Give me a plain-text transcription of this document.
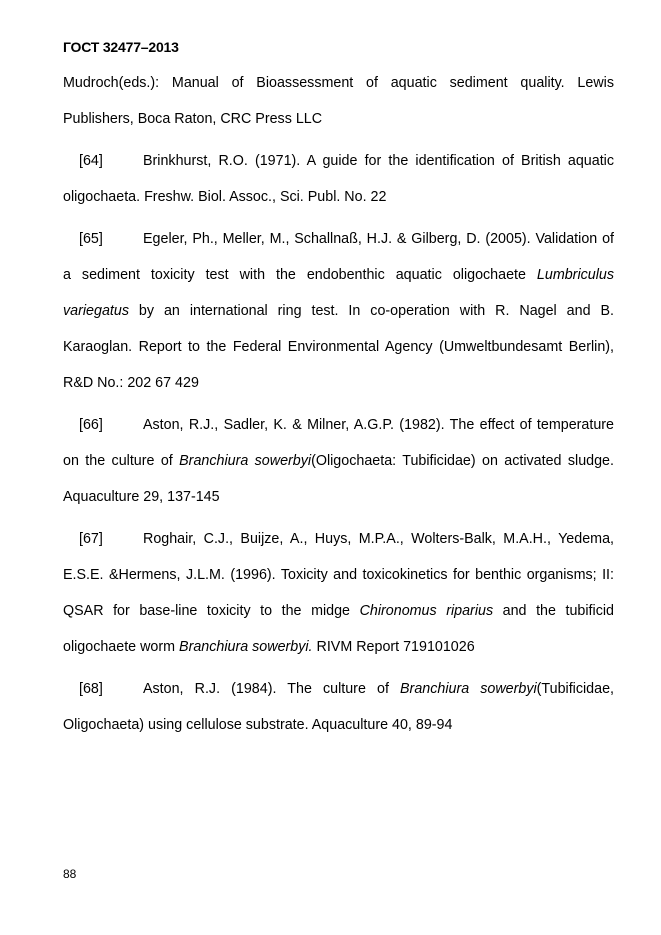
ГОСТ 32477–2013

Mudroch(eds.): Manual of Bioassessment of aquatic sediment quality. Lewis Publishers, Boca Raton, CRC Press LLC

[64]	Brinkhurst, R.O. (1971). A guide for the identification of British aquatic oligochaeta. Freshw. Biol. Assoc., Sci. Publ. No. 22

[65]	Egeler, Ph., Meller, M., Schallnaß, H.J. & Gilberg, D. (2005). Validation of a sediment toxicity test with the endobenthic aquatic oligochaete Lumbriculus variegatus by an international ring test. In co-operation with R. Nagel and B. Karaoglan. Report to the Federal Environmental Agency (Umweltbundesamt Berlin), R&D No.: 202 67 429

[66]	Aston, R.J., Sadler, K. & Milner, A.G.P. (1982). The effect of temperature on the culture of Branchiura sowerbyi(Oligochaeta: Tubificidae) on activated sludge. Aquaculture 29, 137-145

[67]	Roghair, C.J., Buijze, A., Huys, M.P.A., Wolters-Balk, M.A.H., Yedema, E.S.E. &Hermens, J.L.M. (1996). Toxicity and toxicokinetics for benthic organisms; II: QSAR for base-line toxicity to the midge Chironomus riparius and the tubificid oligochaete worm Branchiura sowerbyi. RIVM Report 719101026

[68]	Aston, R.J. (1984). The culture of Branchiura sowerbyi(Tubificidae, Oligochaeta) using cellulose substrate. Aquaculture 40, 89-94

88
